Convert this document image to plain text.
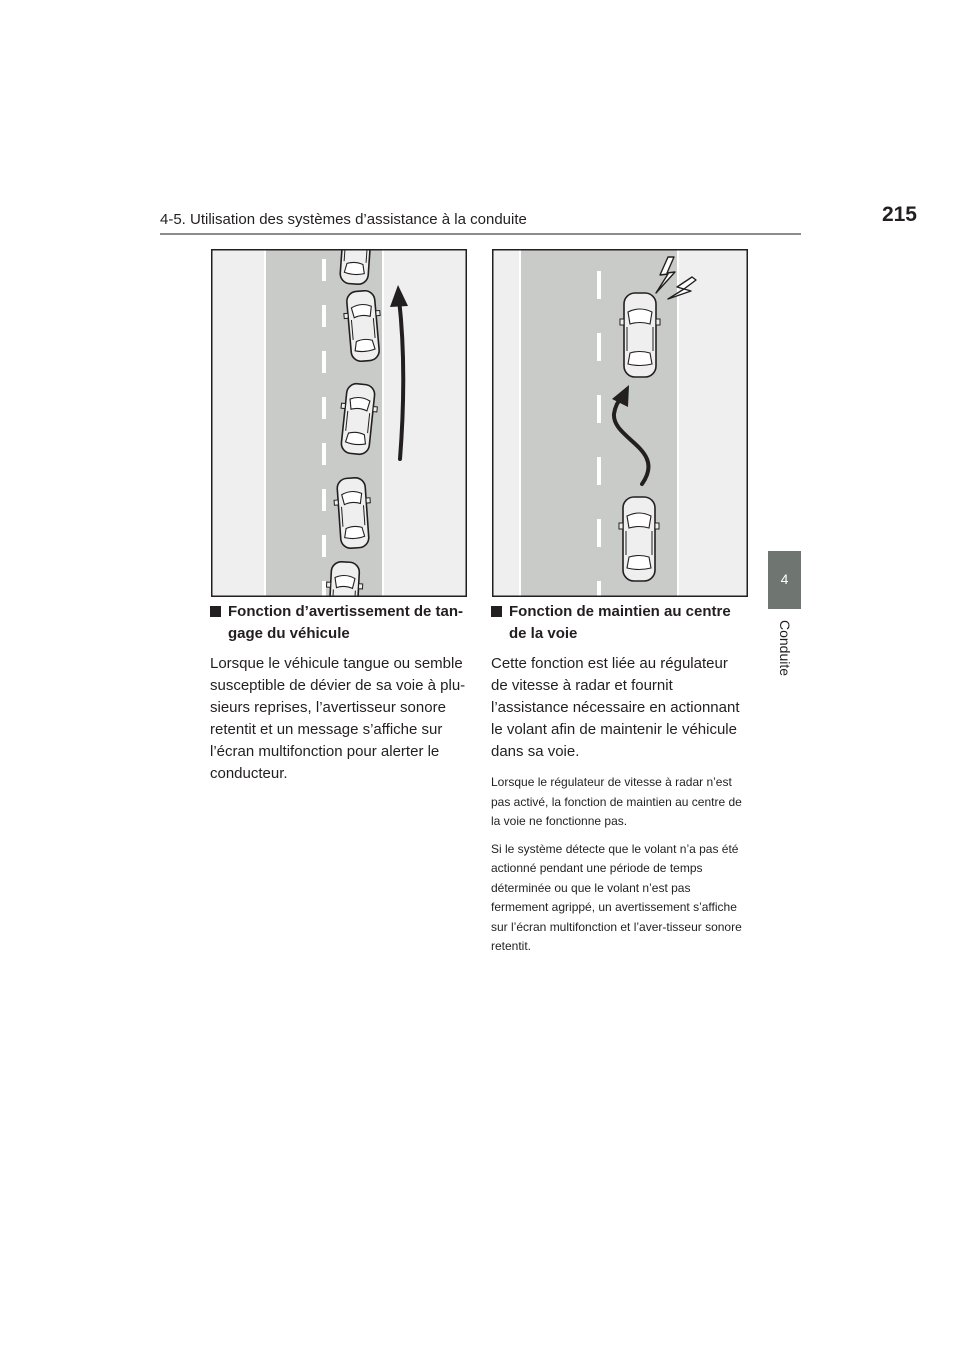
4-5. Utilisation des systèmes d’assistance à la conduite	215
4
Conduite
Fonction d’avertissement de tan-gage du véhicule

Lorsque le véhicule tangue ou semble susceptible de dévier de sa voie à plu-sieurs reprises, l’avertisseur sonore retentit et un message s’affiche sur l’écran multifonction pour alerter le conducteur.

Fonction de maintien au centre de la voie

Cette fonction est liée au régulateur de vitesse à radar et fournit l’assistance nécessaire en actionnant le volant afin de maintenir le véhicule dans sa voie.

Lorsque le régulateur de vitesse à radar n’est pas activé, la fonction de maintien au centre de la voie ne fonctionne pas.

Si le système détecte que le volant n’a pas été actionné pendant une période de temps déterminée ou que le volant n’est pas fermement agrippé, un avertissement s’affiche sur l’écran multifonction et l’aver-tisseur sonore retentit.
